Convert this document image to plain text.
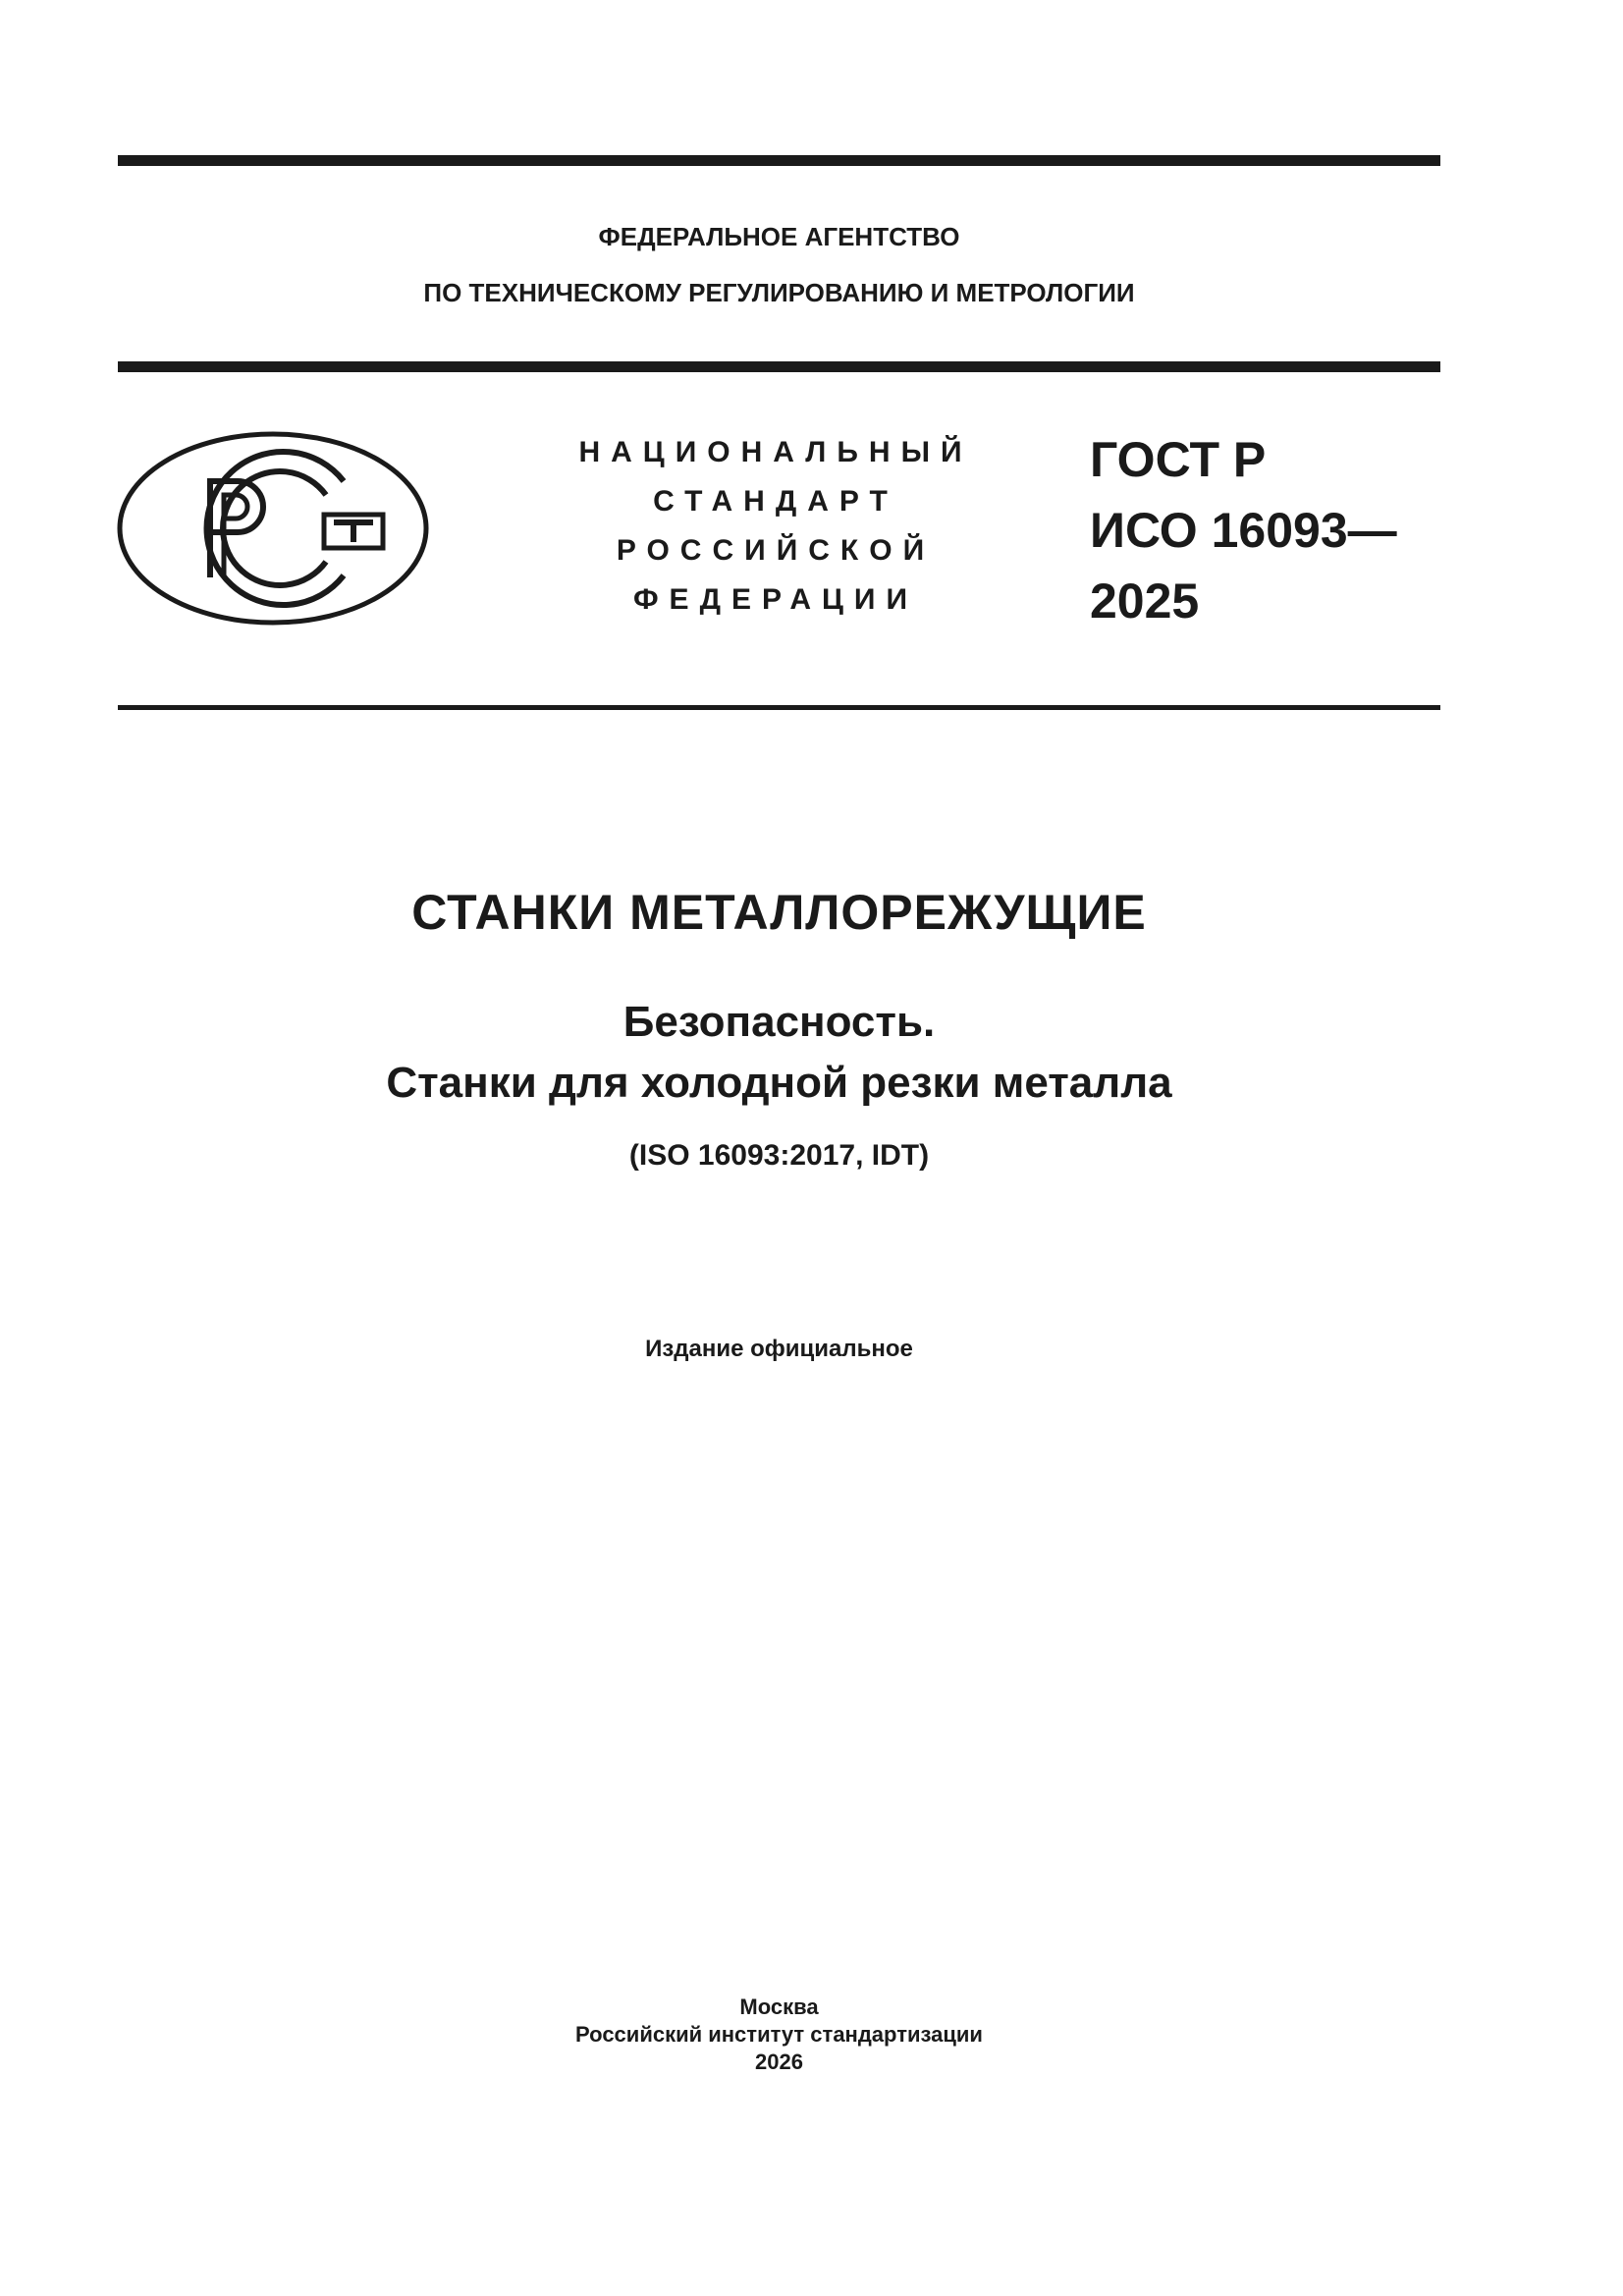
ФЕДЕРАЛЬНОЕ АГЕНТСТВО
ПО ТЕХНИЧЕСКОМУ РЕГУЛИРОВАНИЮ И МЕТРОЛОГИИ
НАЦИОНАЛЬНЫЙ
СТАНДАРТ
РОССИЙСКОЙ
ФЕДЕРАЦИИ
ГОСТ Р
ИСО 16093—
2025
СТАНКИ МЕТАЛЛОРЕЖУЩИЕ
Безопасность.
Станки для холодной резки металла
(ISO 16093:2017, IDT)
Издание официальное
Москва
Российский институт стандартизации
2026
